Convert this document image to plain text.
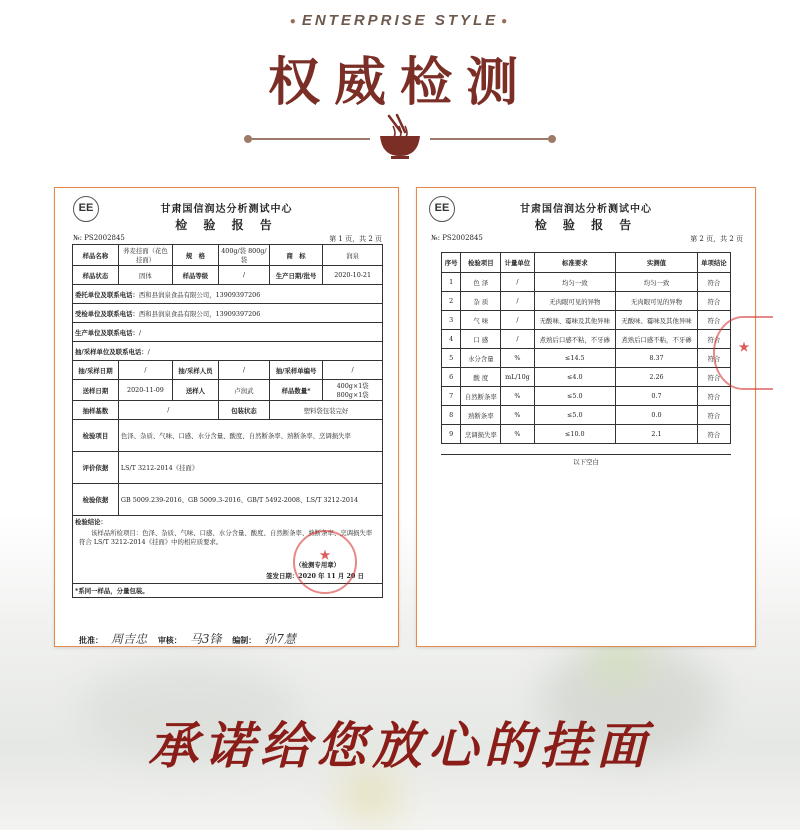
● ENTERPRISE STYLE ●
权威检测
EE	甘肃国信润达分析测试中心
检 验 报 告
№: PS2002845	第 1 页，共 2 页
样品名称	荞麦挂面（花色挂面）	规　格	400g/袋 800g/袋	商　标	润泉
样品状态	固体	样品等级	/	生产日期/批号	2020-10-21
委托单位及联系电话：西和县润泉食品有限公司，13909397206					
受检单位及联系电话：西和县润泉食品有限公司，13909397206					
生产单位及联系电话：/					
抽/采样单位及联系电话：/					
抽/采样日期	/	抽/采样人员	/	抽/采样单编号	/
送样日期	2020-11-09	送样人	卢润武	样品数量*	400g×1袋 800g×1袋
抽样基数	/		包装状态	塑料袋包装完好	
检验项目	色泽、杂质、气味、口感、水分含量、酸度、自然断条率、熟断条率、烹调损失率				
评价依据	LS/T 3212-2014《挂面》				
检验依据	GB 5009.239-2016、GB 5009.3-2016、GB/T 5492-2008、LS/T 3212-2014				
检验结论：

该样品所检项目：色泽、杂质、气味、口感、水分含量、酸度、自然断条率、熟断条率、烹调损失率符合 LS/T 3212-2014《挂面》中的相应质要求。
（检测专用章）
签发日期：2020 年 11 月 20 日					

*系同一样品，分量包装。					
★
批准： 周吉忠 审核： 马3锋 编制： 孙7慧
EE	甘肃国信润达分析测试中心
检 验 报 告
№: PS2002845	第 2 页，共 2 页
序号	检验项目	计量单位	标准要求	实测值	单项结论
1	色 泽	/	均匀一致	均匀一致	符合
2	杂 质	/	无肉眼可见的异物	无肉眼可见的异物	符合
3	气 味	/	无酸味、霉味及其他异味	无酸味、霉味及其他异味	符合
4	口 感	/	煮熟后口感不粘，不牙碜	煮熟后口感不粘，不牙碜	符合
5	水分含量	%	≤14.5	8.37	符合
6	酸 度	mL/10g	≤4.0	2.26	符合
7	自然断条率	%	≤5.0	0.7	符合
8	熟断条率	%	≤5.0	0.0	符合
9	烹调损失率	%	≤10.0	2.1	符合
以下空白
★
承诺给您放心的挂面
